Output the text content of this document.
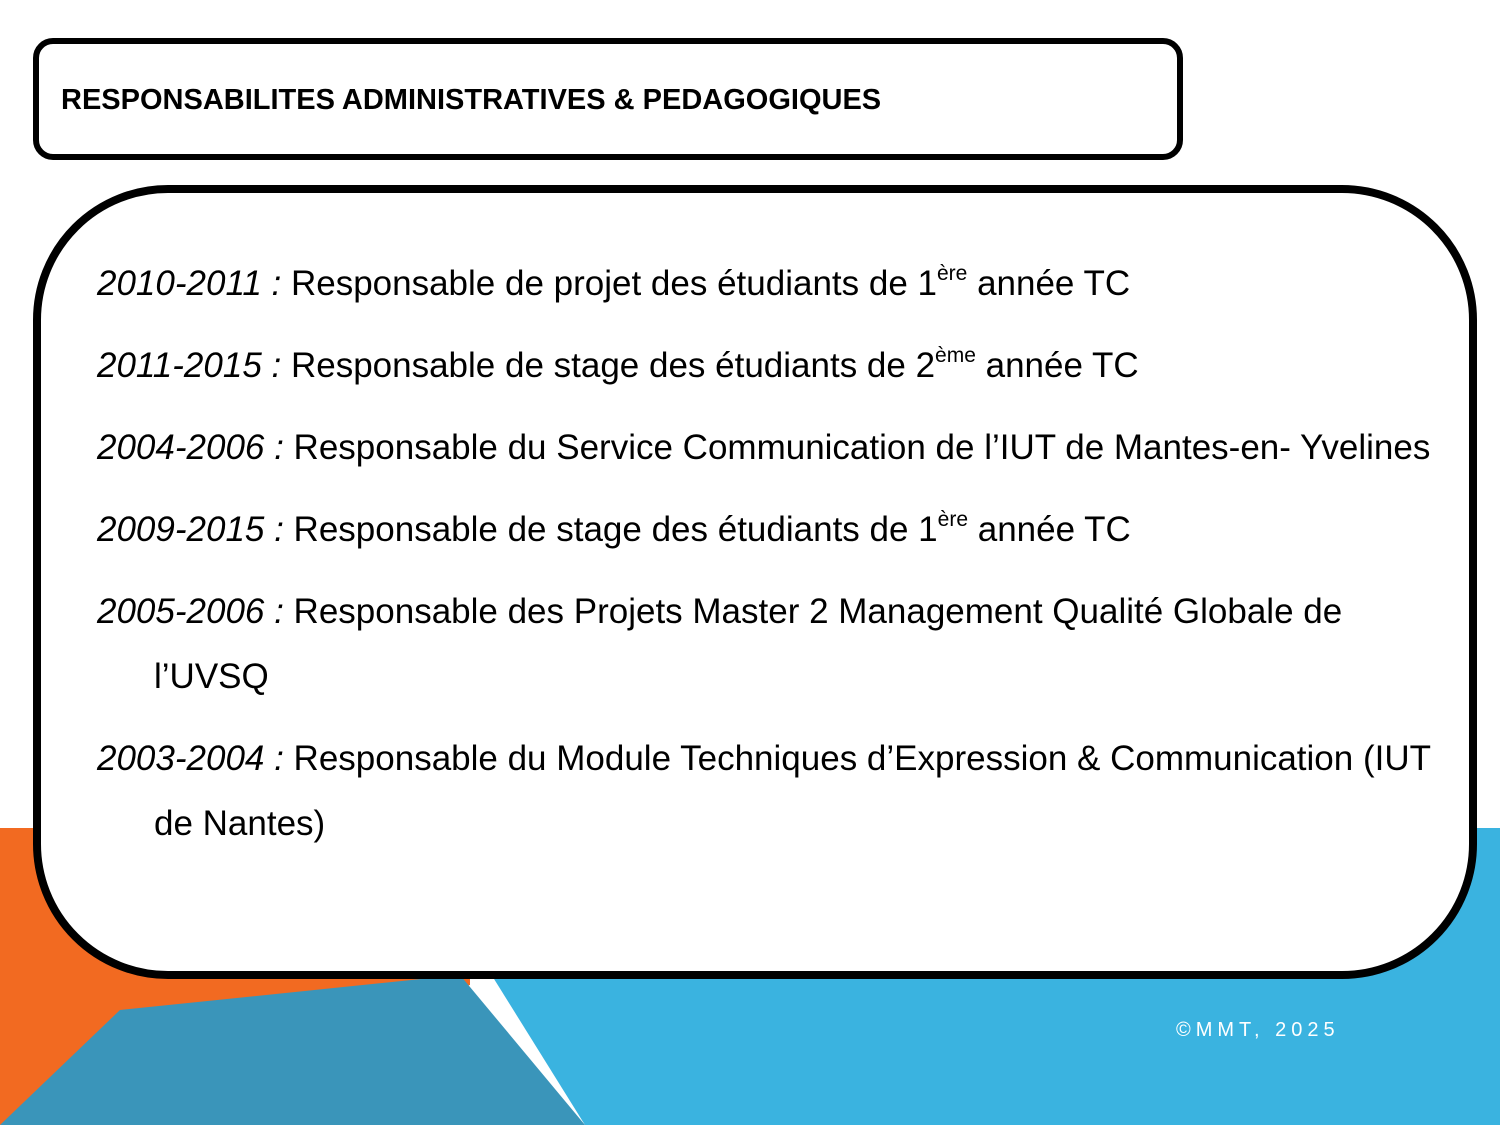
RESPONSABILITES ADMINISTRATIVES & PEDAGOGIQUES
2010-2011 : Responsable de projet des étudiants de 1ère année TC
2011-2015 : Responsable de stage des étudiants de 2ème année TC
2004-2006 : Responsable du Service Communication de l’IUT de Mantes-en- Yvelines
2009-2015 : Responsable de stage des étudiants de 1ère année TC
2005-2006 : Responsable des Projets Master 2 Management Qualité Globale de l’UVSQ
2003-2004 : Responsable du Module Techniques d’Expression & Communication (IUT de Nantes)
©MMT, 2025
